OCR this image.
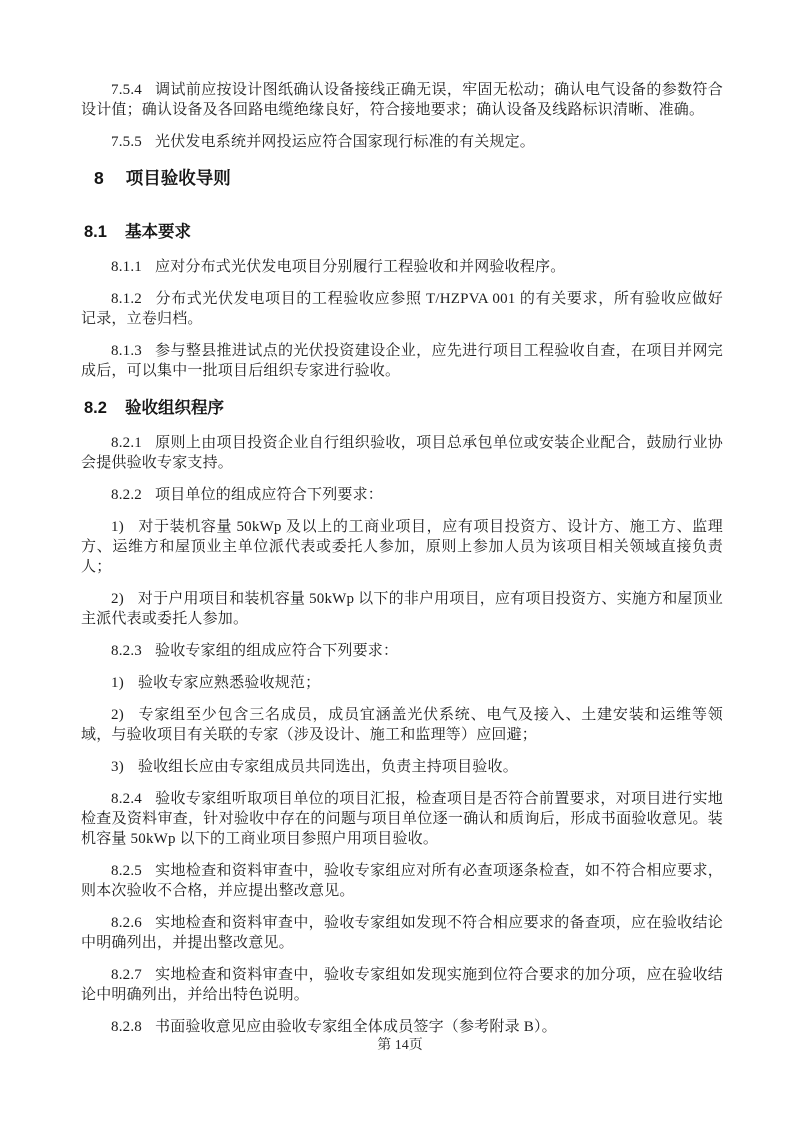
7.5.4 调试前应按设计图纸确认设备接线正确无误，牢固无松动；确认电气设备的参数符合设计值；确认设备及各回路电缆绝缘良好，符合接地要求；确认设备及线路标识清晰、准确。

7.5.5 光伏发电系统并网投运应符合国家现行标准的有关规定。

8 项目验收导则
8.1 基本要求

8.1.1 应对分布式光伏发电项目分别履行工程验收和并网验收程序。

8.1.2 分布式光伏发电项目的工程验收应参照 T/HZPVA 001 的有关要求，所有验收应做好记录，立卷归档。

8.1.3 参与整县推进试点的光伏投资建设企业，应先进行项目工程验收自查，在项目并网完成后，可以集中一批项目后组织专家进行验收。

8.2 验收组织程序

8.2.1 原则上由项目投资企业自行组织验收，项目总承包单位或安装企业配合，鼓励行业协会提供验收专家支持。

8.2.2 项目单位的组成应符合下列要求：

1) 对于装机容量 50kWp 及以上的工商业项目，应有项目投资方、设计方、施工方、监理方、运维方和屋顶业主单位派代表或委托人参加，原则上参加人员为该项目相关领域直接负责人；

2) 对于户用项目和装机容量 50kWp 以下的非户用项目，应有项目投资方、实施方和屋顶业主派代表或委托人参加。

8.2.3 验收专家组的组成应符合下列要求：

1) 验收专家应熟悉验收规范；

2) 专家组至少包含三名成员，成员宜涵盖光伏系统、电气及接入、土建安装和运维等领域，与验收项目有关联的专家（涉及设计、施工和监理等）应回避；

3) 验收组长应由专家组成员共同选出，负责主持项目验收。

8.2.4 验收专家组听取项目单位的项目汇报，检查项目是否符合前置要求，对项目进行实地检查及资料审查，针对验收中存在的问题与项目单位逐一确认和质询后，形成书面验收意见。装机容量 50kWp 以下的工商业项目参照户用项目验收。

8.2.5 实地检查和资料审查中，验收专家组应对所有必查项逐条检查，如不符合相应要求，则本次验收不合格，并应提出整改意见。

8.2.6 实地检查和资料审查中，验收专家组如发现不符合相应要求的备查项，应在验收结论中明确列出，并提出整改意见。

8.2.7 实地检查和资料审查中，验收专家组如发现实施到位符合要求的加分项，应在验收结论中明确列出，并给出特色说明。

8.2.8 书面验收意见应由验收专家组全体成员签字（参考附录 B）。

第 14页
